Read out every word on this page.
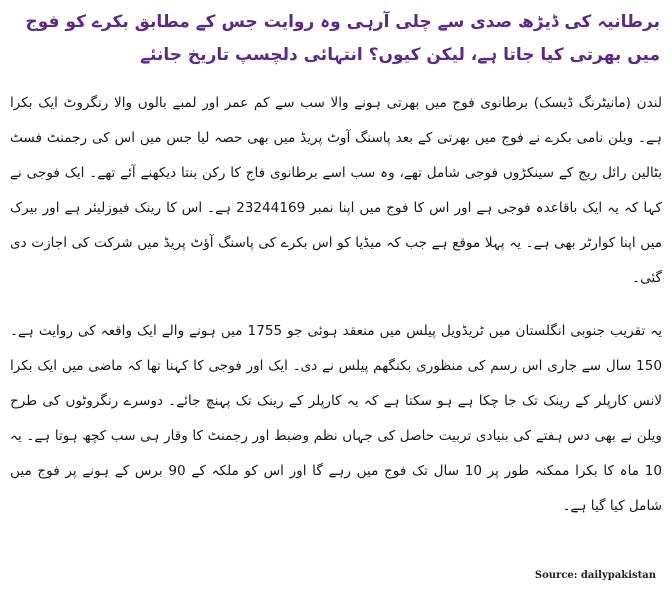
برطانیہ کی ڈیڑھ صدی سے چلی آرہی وہ روایت جس کے مطابق بکرے کو فوج میں بھرتی کیا جاتا ہے، لیکن کیوں؟ انتہائی دلچسپ تاریخ جانئے

لندن (مانیٹرنگ ڈیسک) برطانوی فوج میں بھرتی ہونے والا سب سے کم عمر اور لمبے بالوں والا رنگروٹ ایک بکرا ہے۔ ویلن نامی بکرے نے فوج میں بھرتی کے بعد پاسنگ آوٹ پریڈ میں بھی حصہ لیا جس میں اس کی رجمنٹ فسٹ بٹالین رائل ریج کے سینکڑوں فوجی شامل تھے، وہ سب اسے برطانوی فاج کا رکن بنتا دیکھنے آئے تھے۔ ایک فوجی نے کہا کہ یہ ایک باقاعدہ فوجی ہے اور اس کا فوج میں اپنا نمبر 23244169 ہے۔ اس کا رینک فیوزلیئر ہے اور بیرک میں اپنا کوارٹر بھی ہے۔ یہ پہلا موقع ہے جب کہ میڈیا کو اس بکرے کی پاسنگ آؤٹ پریڈ میں شرکت کی اجازت دی گئی۔

یہ تقریب جنوبی انگلستان میں ٹریڈویل پیلس میں منعقد ہوئی جو 1755 میں ہونے والے ایک واقعہ کی روایت ہے۔ 150 سال سے جاری اس رسم کی منظوری بکنگھم پیلس نے دی۔ ایک اور فوجی کا کہنا تھا کہ ماضی میں ایک بکرا لانس کارپلر کے رینک تک جا چکا ہے ہو سکتا ہے کہ یہ کارپلر کے رینک تک پہنچ جائے۔ دوسرے رنگروٹوں کی طرح ویلن نے بھی دس ہفتے کی بنیادی تربیت حاصل کی جہاں نظم وضبط اور رجمنٹ کا وقار ہی سب کچھ ہوتا ہے۔ یہ 10 ماہ کا بکرا ممکنہ طور پر 10 سال تک فوج میں رہے گا اور اس کو ملکہ کے 90 برس کے ہونے پر فوج میں شامل کیا گیا ہے۔

Source: dailypakistan
